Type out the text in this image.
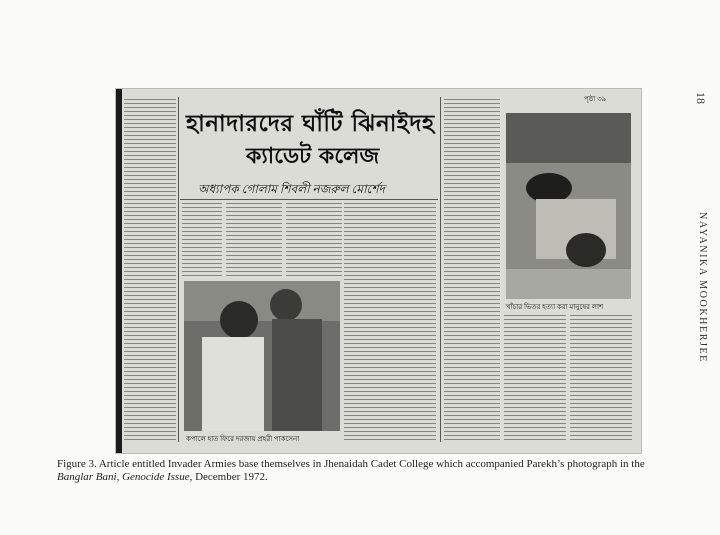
18
NAYANIKA MOOKHERJEE
হানাদারদের ঘাঁটি ঝিনাইদহ
ক্যাডেট কলেজ
অধ্যাপক গোলাম শিবলী নজরুল মোর্শেদ
কপালে হাত ফিরে দরজায় প্রহরী পাকসেনা
পৃষ্ঠা ৩৯
খাঁচার ভিতর হত্যা করা মানুষের লাশ
Figure 3. Article entitled Invader Armies base themselves in Jhenaidah Cadet College which accompanied Parekh’s photograph in the Banglar Bani, Genocide Issue, December 1972.
